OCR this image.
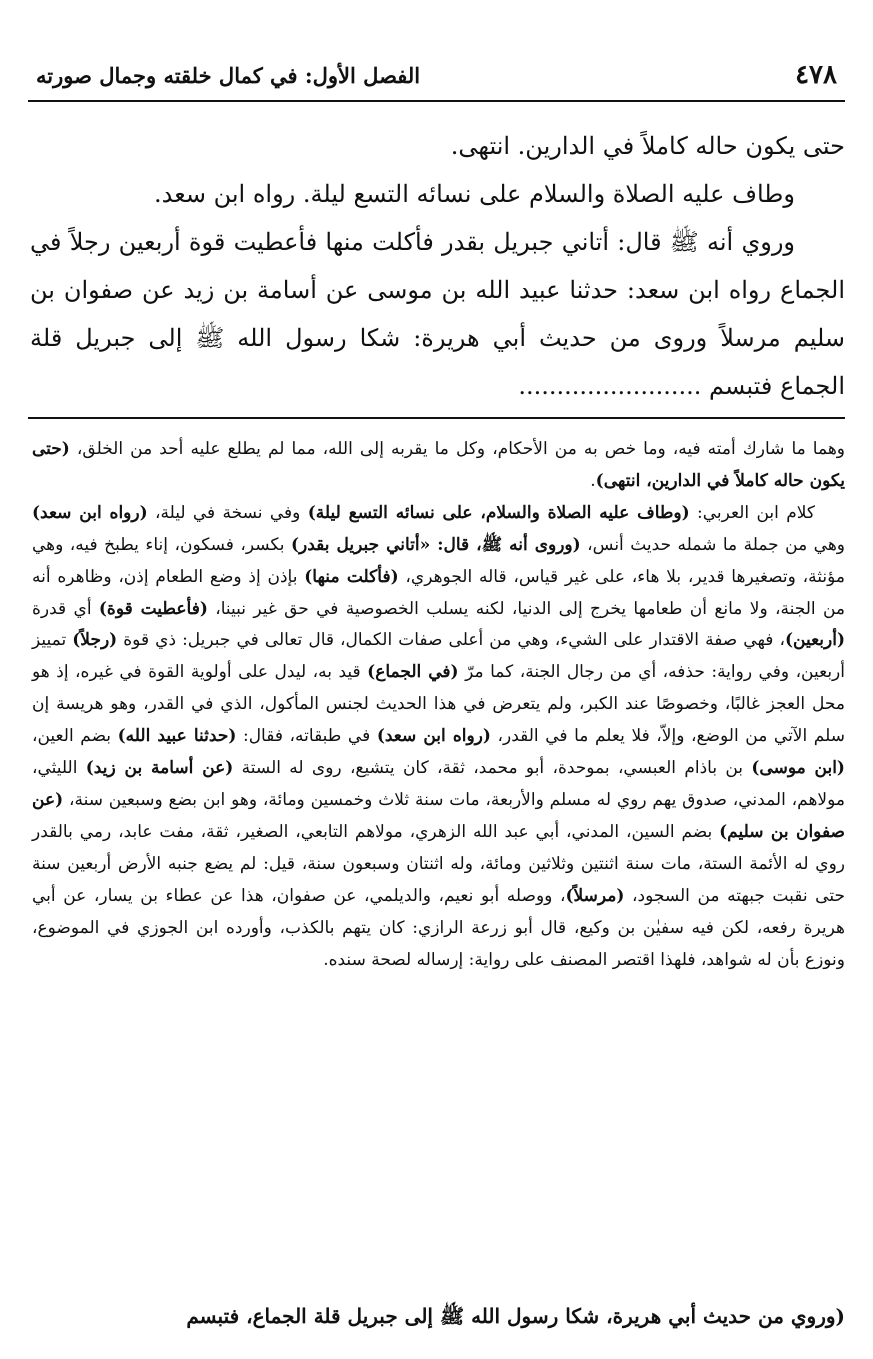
٤٧٨
الفصل الأول: في كمال خلقته وجمال صورته

حتى يكون حاله كاملاً في الدارين. انتهى.

وطاف عليه الصلاة والسلام على نسائه التسع ليلة. رواه ابن سعد.

وروي أنه ﷺ قال: أتاني جبريل بقدر فأكلت منها فأعطيت قوة أربعين رجلاً في الجماع رواه ابن سعد: حدثنا عبيد الله بن موسى عن أسامة بن زيد عن صفوان بن سليم مرسلاً وروى من حديث أبي هريرة: شكا رسول الله ﷺ إلى جبريل قلة الجماع فتبسم ........................

وهما ما شارك أمته فيه، وما خص به من الأحكام، وكل ما يقربه إلى الله، مما لم يطلع عليه أحد من الخلق، (حتى يكون حاله كاملاً في الدارين، انتهى).

كلام ابن العربي: (وطاف عليه الصلاة والسلام، على نسائه التسع ليلة) وفي نسخة في ليلة، (رواه ابن سعد) وهي من جملة ما شمله حديث أنس، (وروى أنه ﷺ، قال: «أتاني جبريل بقدر) بكسر، فسكون، إناء يطبخ فيه، وهي مؤنثة، وتصغيرها قدير، بلا هاء، على غير قياس، قاله الجوهري، (فأكلت منها) بإذن إذ وضع الطعام إذن، وظاهره أنه من الجنة، ولا مانع أن طعامها يخرج إلى الدنيا، لكنه يسلب الخصوصية في حق غير نبينا، (فأعطيت قوة) أي قدرة (أربعين)، فهي صفة الاقتدار على الشيء، وهي من أعلى صفات الكمال، قال تعالى في جبريل: ذي قوة (رجلاً) تمييز أربعين، وفي رواية: حذفه، أي من رجال الجنة، كما مرّ (في الجماع) قيد به، ليدل على أولوية القوة في غيره، إذ هو محل العجز غالبًا، وخصوصًا عند الكبر، ولم يتعرض في هذا الحديث لجنس المأكول، الذي في القدر، وهو هريسة إن سلم الآتي من الوضع، وإلاّ، فلا يعلم ما في القدر، (رواه ابن سعد) في طبقاته، فقال: (حدثنا عبيد الله) بضم العين، (ابن موسى) بن باذام العبسي، بموحدة، أبو محمد، ثقة، كان يتشيع، روى له الستة (عن أسامة بن زيد) الليثي، مولاهم، المدني، صدوق يهم روي له مسلم والأربعة، مات سنة ثلاث وخمسين ومائة، وهو ابن بضع وسبعين سنة، (عن صفوان بن سليم) بضم السين، المدني، أبي عبد الله الزهري، مولاهم التابعي، الصغير، ثقة، مفت عابد، رمي بالقدر روي له الأئمة الستة، مات سنة اثنتين وثلاثين ومائة، وله اثنتان وسبعون سنة، قيل: لم يضع جنبه الأرض أربعين سنة حتى نقبت جبهته من السجود، (مرسلاً)، ووصله أبو نعيم، والديلمي، عن صفوان، هذا عن عطاء بن يسار، عن أبي هريرة رفعه، لكن فيه سفيٰن بن وكيع، قال أبو زرعة الرازي: كان يتهم بالكذب، وأورده ابن الجوزي في الموضوع، ونوزع بأن له شواهد، فلهذا اقتصر المصنف على رواية: إرساله لصحة سنده.

(وروي من حديث أبي هريرة، شكا رسول الله ﷺ إلى جبريل قلة الجماع، فتبسم
